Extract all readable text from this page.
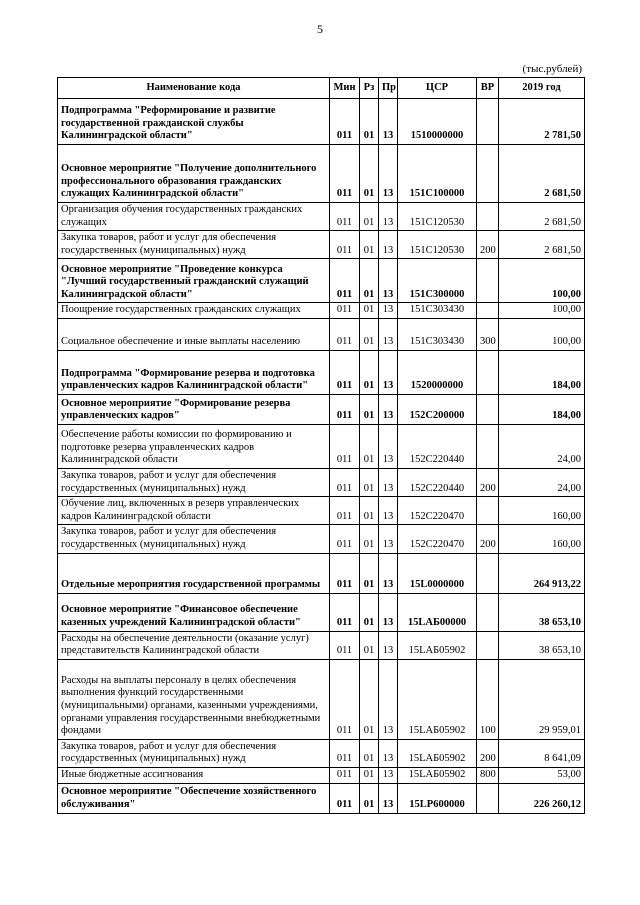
5
(тыс.рублей)
Наименование кода	Мин	Рз	Пр	ЦСР	ВР	2019 год
Подпрограмма "Реформирование и развитие государственной гражданской службы Калининградской области"	011	01	13	1510000000		2 781,50
Основное мероприятие "Получение дополнительного профессионального образования гражданских служащих Калининградской области"	011	01	13	151С100000		2 681,50
Организация обучения государственных гражданских служащих	011	01	13	151С120530		2 681,50
Закупка товаров, работ и услуг для обеспечения государственных (муниципальных) нужд	011	01	13	151С120530	200	2 681,50
Основное мероприятие "Проведение конкурса "Лучший государственный гражданский служащий Калининградской области"	011	01	13	151С300000		100,00
Поощрение государственных гражданских служащих	011	01	13	151С303430		100,00
Социальное обеспечение и иные выплаты населению	011	01	13	151С303430	300	100,00
Подпрограмма "Формирование резерва и подготовка управленческих кадров Калининградской области"	011	01	13	1520000000		184,00
Основное мероприятие "Формирование резерва управленческих кадров"	011	01	13	152С200000		184,00
Обеспечение работы комиссии по формированию и подготовке резерва управленческих кадров Калининградской области	011	01	13	152С220440		24,00
Закупка товаров, работ и услуг для обеспечения государственных (муниципальных) нужд	011	01	13	152С220440	200	24,00
Обучение лиц, включенных в резерв управленческих кадров Калининградской области	011	01	13	152С220470		160,00
Закупка товаров, работ и услуг для обеспечения государственных (муниципальных) нужд	011	01	13	152С220470	200	160,00
Отдельные мероприятия государственной программы	011	01	13	15L0000000		264 913,22
Основное мероприятие "Финансовое обеспечение казенных учреждений Калининградской области"	011	01	13	15LАБ00000		38 653,10
Расходы на обеспечение деятельности (оказание услуг) представительств Калининградской области	011	01	13	15LАБ05902		38 653,10
Расходы на выплаты персоналу в целях обеспечения выполнения функций государственными (муниципальными) органами, казенными учреждениями, органами управления государственными внебюджетными фондами	011	01	13	15LАБ05902	100	29 959,01
Закупка товаров, работ и услуг для обеспечения государственных (муниципальных) нужд	011	01	13	15LАБ05902	200	8 641,09
Иные бюджетные ассигнования	011	01	13	15LАБ05902	800	53,00
Основное мероприятие "Обеспечение хозяйственного обслуживания"	011	01	13	15LР600000		226 260,12
